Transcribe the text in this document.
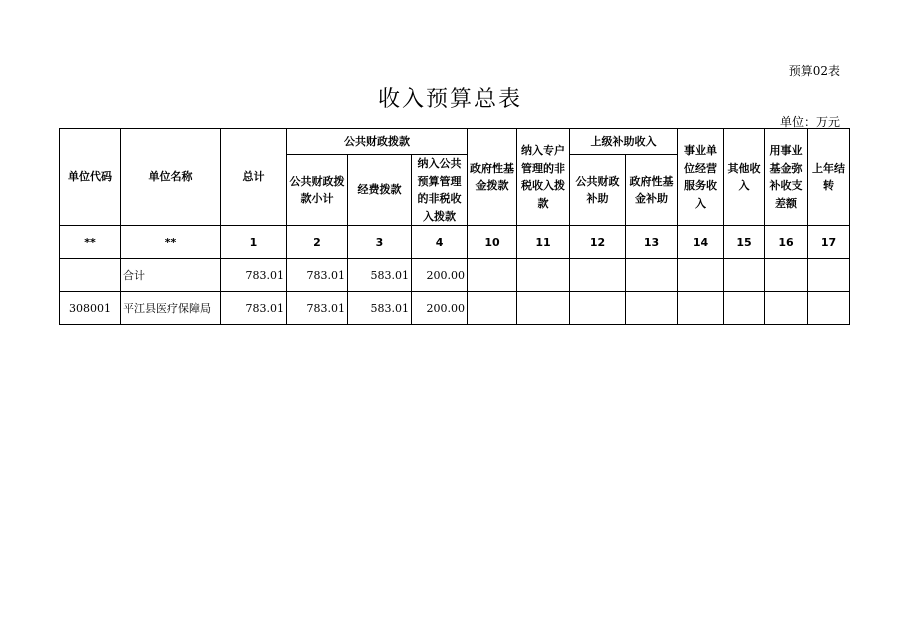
预算02表
收入预算总表
单位：万元
单位代码	单位名称	总计	公共财政拨款			政府性基金拨款	纳入专户管理的非税收入拨款	上级补助收入		事业单位经营服务收入	其他收入	用事业基金弥补收支差额	上年结转
			公共财政拨款小计	经费拨款	纳入公共预算管理的非税收入拨款								
								公共财政补助	政府性基金补助				
**	**	1	2	3	4	10	11	12	13	14	15	16	17
	合计	783.01	783.01	583.01	200.00								
308001	平江县医疗保障局	783.01	783.01	583.01	200.00								
